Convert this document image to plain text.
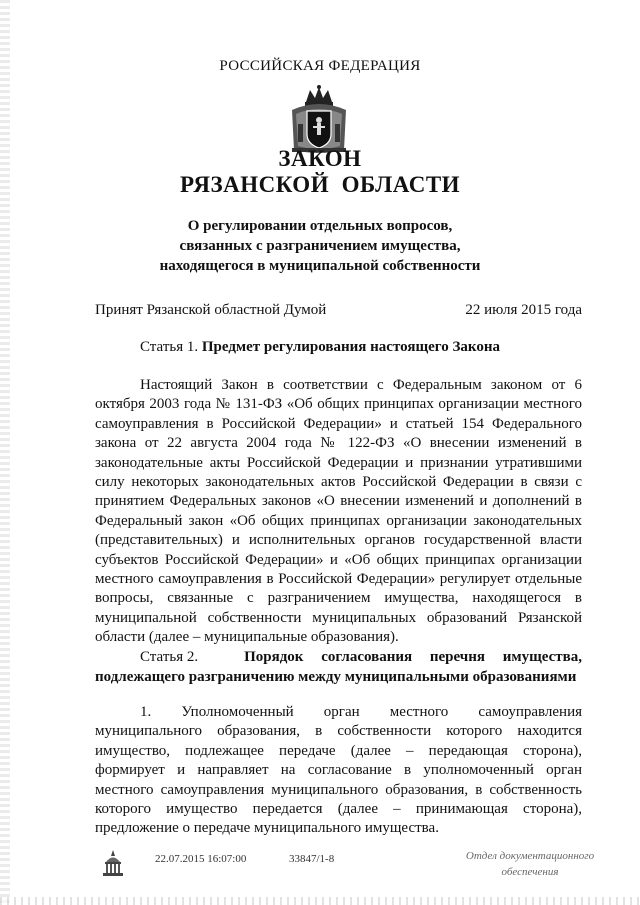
РОССИЙСКАЯ ФЕДЕРАЦИЯ
ЗАКОН
РЯЗАНСКОЙ  ОБЛАСТИ
О регулировании отдельных вопросов,
связанных с разграничением имущества,
находящегося в муниципальной собственности
Принят Рязанской областной Думой	22 июля 2015 года
Статья 1. Предмет регулирования настоящего Закона

Настоящий Закон в соответствии с Федеральным законом от 6 октября 2003 года № 131-ФЗ «Об общих принципах организации местного самоуправления в Российской Федерации» и статьей 154 Федерального закона от 22 августа 2004 года № 122-ФЗ «О внесении изменений в законодательные акты Российской Федерации и признании утратившими силу некоторых законодательных актов Российской Федерации в связи с принятием Федеральных законов «О внесении изменений и дополнений в Федеральный закон «Об общих принципах организации законодательных (представительных) и исполнительных органов государственной власти субъектов Российской Федерации» и «Об общих принципах организации местного самоуправления в Российской Федерации» регулирует отдельные вопросы, связанные с разграничением имущества, находящегося в муниципальной собственности муниципальных образований Рязанской области (далее – муниципальные образования).

Статья 2.	Порядок согласования перечня имущества,
подлежащего разграничению между муниципальными образованиями

1. Уполномоченный орган местного самоуправления муниципального образования, в собственности которого находится имущество, подлежащее передаче (далее – передающая сторона), формирует и направляет на согласование в уполномоченный орган местного самоуправления муниципального образования, в собственность которого имущество передается (далее – принимающая сторона), предложение о передаче муниципального имущества.

22.07.2015 16:07:00	33847/1-8	Отдел документационного
обеспечения
